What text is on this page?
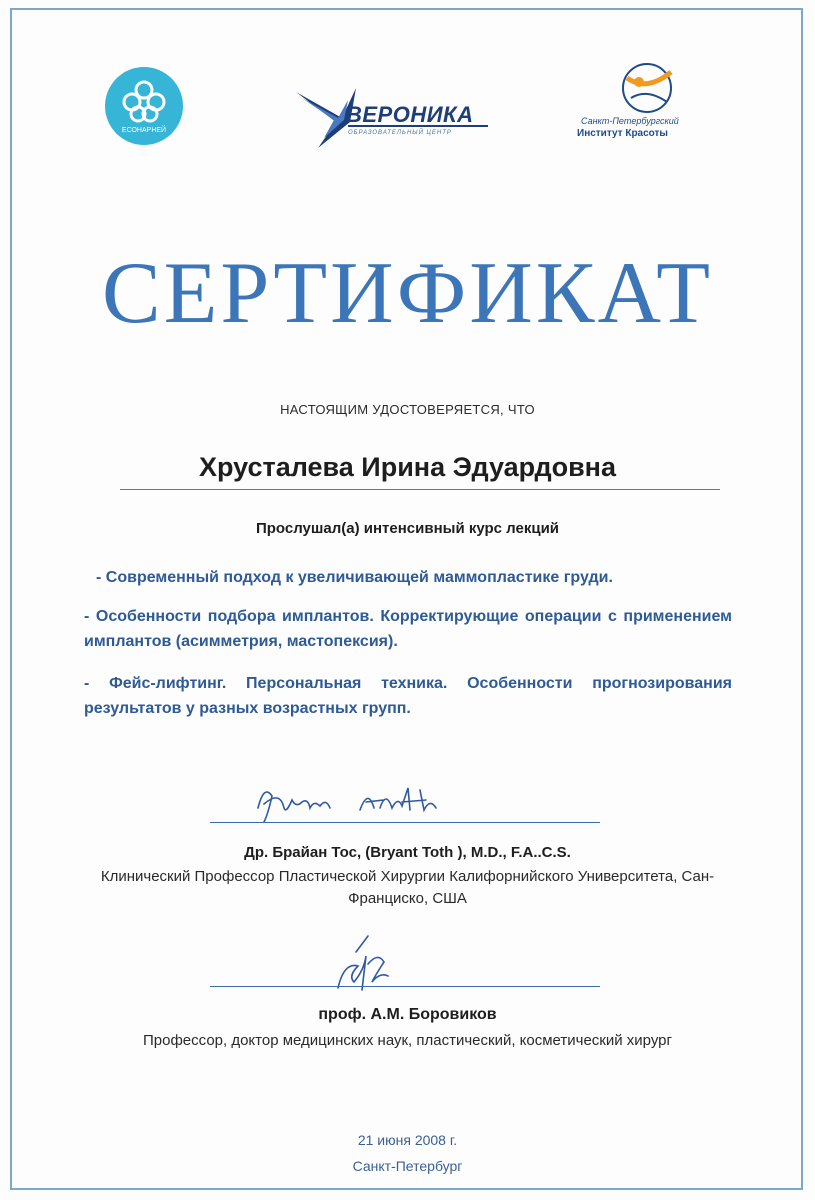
ЕСОНАРНЕЙ
ВЕРОНИКА
ОБРАЗОВАТЕЛЬНЫЙ ЦЕНТР
Санкт-Петербургский
Институт Красоты
СЕРТИФИКАТ
НАСТОЯЩИМ УДОСТОВЕРЯЕТСЯ, ЧТО
Хрусталева Ирина Эдуардовна
Прослушал(а) интенсивный курс лекций
- Современный подход к увеличивающей маммопластике груди.
- Особенности подбора имплантов. Корректирующие операции с применением имплантов (асимметрия, мастопексия).
- Фейс-лифтинг. Персональная техника. Особенности прогнозирования результатов у разных возрастных групп.
Др. Брайан Тос, (Bryant Toth ), M.D., F.A..C.S.
Клинический Профессор Пластической Хирургии Калифорнийского Университета, Сан-Франциско, США
проф. А.М. Боровиков
Профессор, доктор медицинских наук, пластический, косметический хирург
21 июня 2008 г.
Санкт-Петербург
